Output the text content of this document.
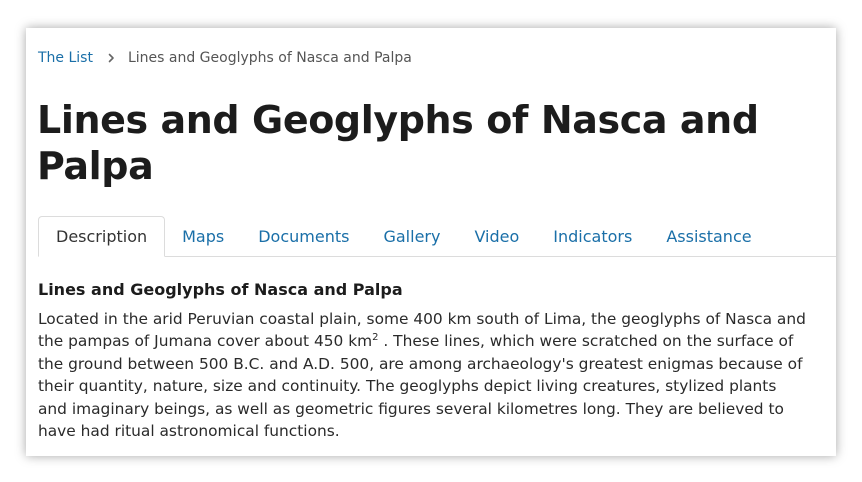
The List	Lines and Geoglyphs of Nasca and Palpa
Lines and Geoglyphs of Nasca and Palpa
Description	Maps	Documents	Gallery	Video	Indicators	Assistance
Lines and Geoglyphs of Nasca and Palpa

Located in the arid Peruvian coastal plain, some 400 km south of Lima, the geoglyphs of Nasca and the pampas of Jumana cover about 450 $km^2$ . These lines, which were scratched on the surface of the ground between 500 B.C. and A.D. 500, are among archaeology's greatest enigmas because of their quantity, nature, size and continuity. The geoglyphs depict living creatures, stylized plants and imaginary beings, as well as geometric figures several kilometres long. They are believed to have had ritual astronomical functions.
